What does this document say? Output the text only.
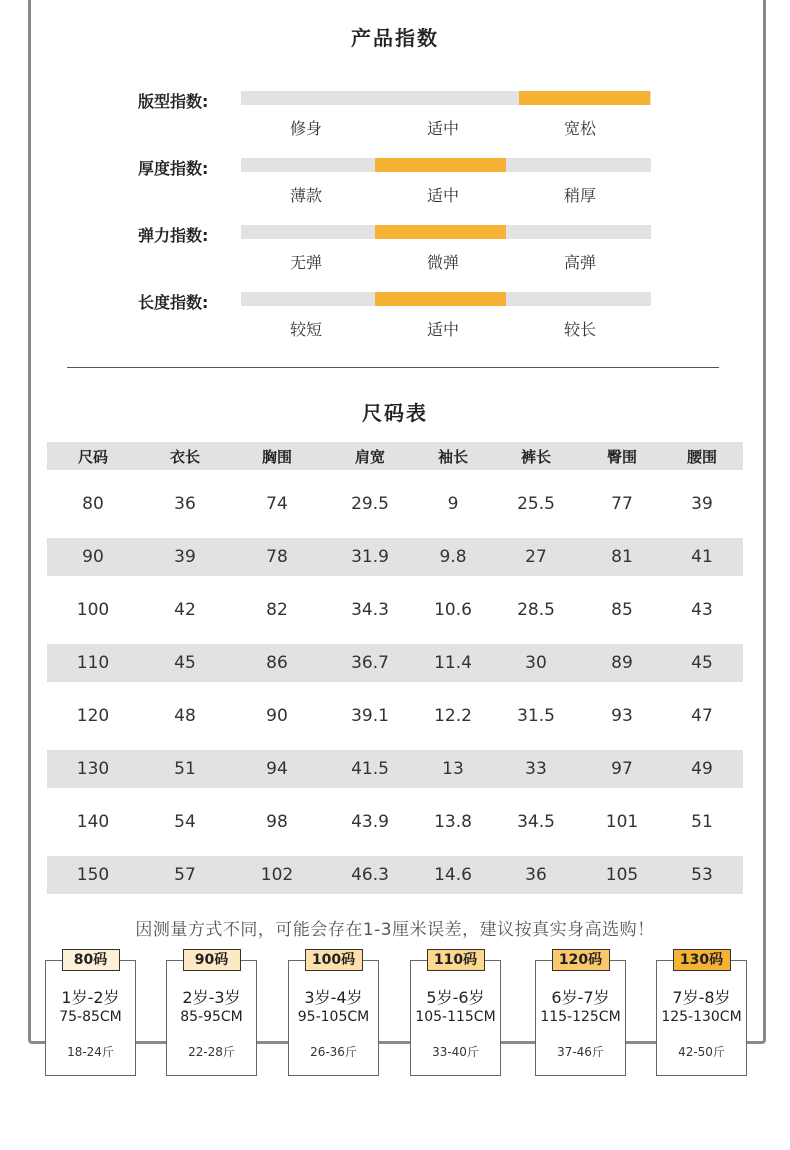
产品指数
版型指数:
修身	适中	宽松
厚度指数:
薄款	适中	稍厚
弹力指数:
无弹	微弹	高弹
长度指数:
较短	适中	较长
尺码表
尺码	衣长	胸围	肩宽	袖长	裤长	臀围	腰围
80	36	74	29.5	9	25.5	77	39
90	39	78	31.9	9.8	27	81	41
100	42	82	34.3	10.6	28.5	85	43
110	45	86	36.7	11.4	30	89	45
120	48	90	39.1	12.2	31.5	93	47
130	51	94	41.5	13	33	97	49
140	54	98	43.9	13.8	34.5	101	51
150	57	102	46.3	14.6	36	105	53
因测量方式不同，可能会存在1-3厘米误差，建议按真实身高选购！
80码
1岁-2岁
75-85CM
18-24斤
90码
2岁-3岁
85-95CM
22-28斤
100码
3岁-4岁
95-105CM
26-36斤
110码
5岁-6岁
105-115CM
33-40斤
120码
6岁-7岁
115-125CM
37-46斤
130码
7岁-8岁
125-130CM
42-50斤
